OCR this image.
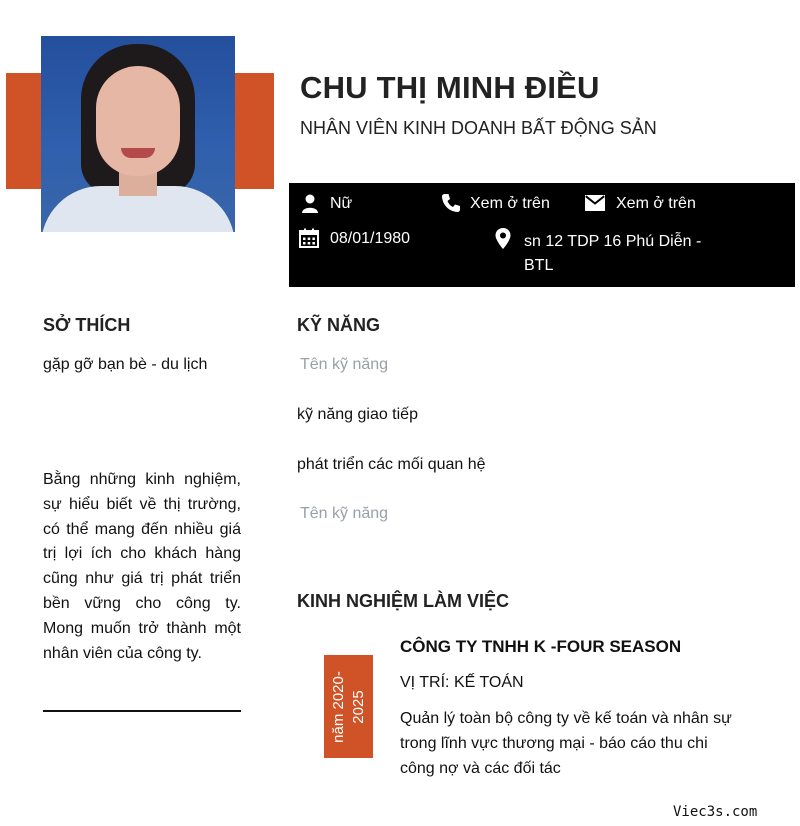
CHU THỊ MINH ĐIỀU
NHÂN VIÊN KINH DOANH BẤT ĐỘNG SẢN
Nữ	Xem ở trên	Xem ở trên
08/01/1980	sn 12 TDP 16 Phú Diễn -
BTL
SỞ THÍCH
gặp gỡ bạn bè - du lịch
Bằng những kinh nghiệm, sự hiểu biết về thị trường, có thể mang đến nhiều giá trị lợi ích cho khách hàng cũng như giá trị phát triển bền vững cho công ty. Mong muốn trở thành một nhân viên của công ty.
KỸ NĂNG
Tên kỹ năng
kỹ năng giao tiếp
phát triển các mối quan hệ
Tên kỹ năng
KINH NGHIỆM LÀM VIỆC
năm 2020- 2025
CÔNG TY TNHH K -FOUR SEASON
VỊ TRÍ: KẾ TOÁN
Quản lý toàn bộ công ty về kế toán và nhân sự trong lĩnh vực thương mại - báo cáo thu chi công nợ và các đối tác
Viec3s.com
